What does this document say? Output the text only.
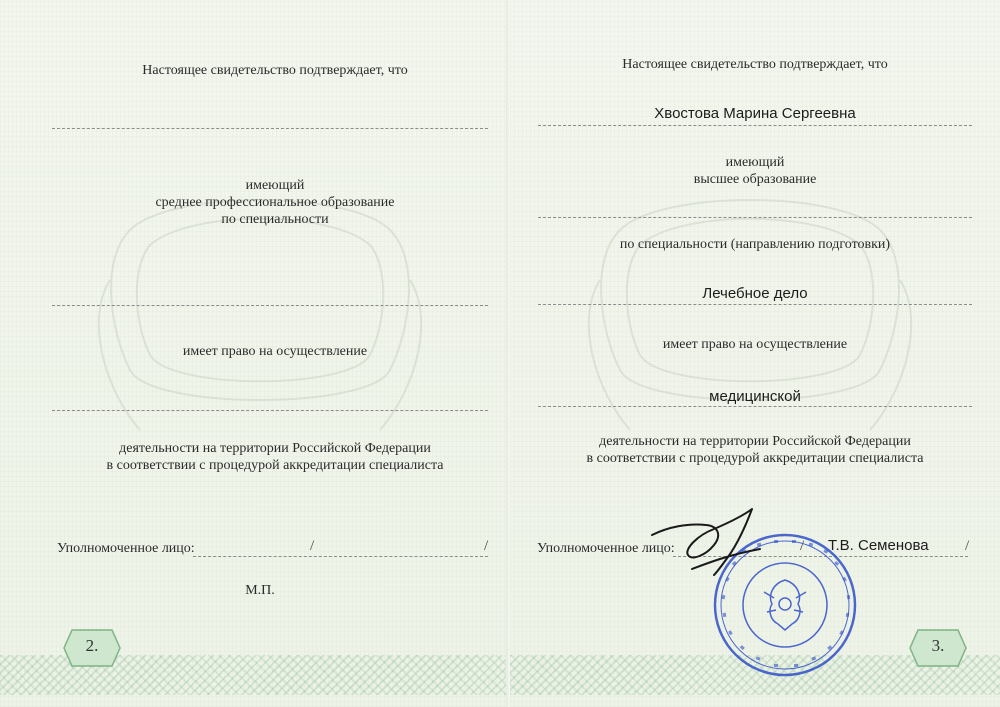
Настоящее свидетельство подтверждает, что
имеющий
среднее профессиональное образование
по специальности
имеет право на осуществление
деятельности на территории Российской Федерации
в соответствии с процедурой аккредитации специалиста
Уполномоченное лицо:	/	/
М.П.
2.
Настоящее свидетельство подтверждает, что
Хвостова Марина Сергеевна
имеющий
высшее образование
по специальности (направлению подготовки)
Лечебное дело
имеет право на осуществление
медицинской
деятельности на территории Российской Федерации
в соответствии с процедурой аккредитации специалиста
Уполномоченное лицо:	/ Т.В. Семенова /
3.
